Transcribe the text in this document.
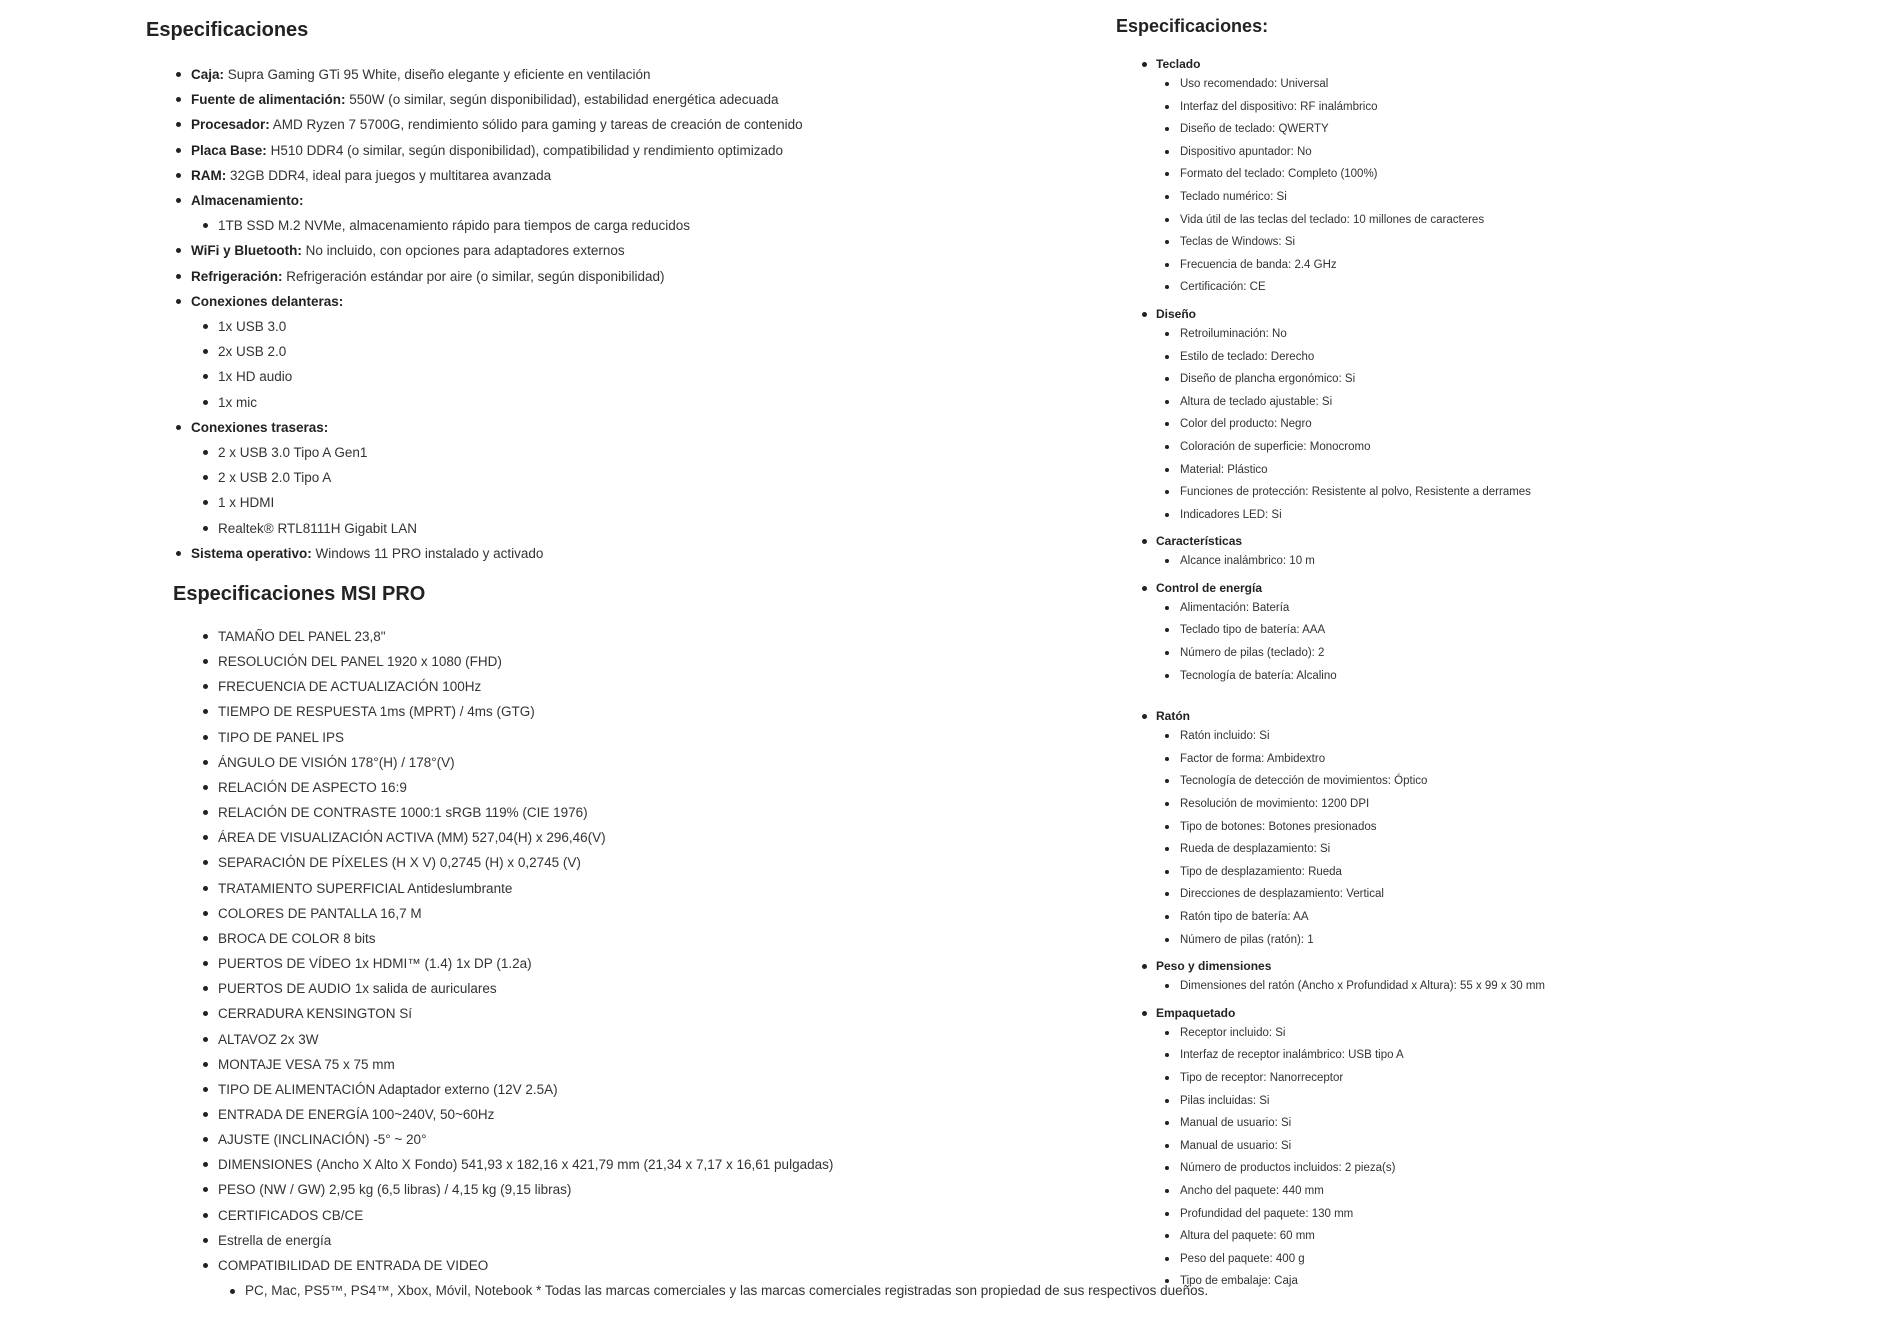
Especificaciones
Caja: Supra Gaming GTi 95 White, diseño elegante y eficiente en ventilación
Fuente de alimentación: 550W (o similar, según disponibilidad), estabilidad energética adecuada
Procesador: AMD Ryzen 7 5700G, rendimiento sólido para gaming y tareas de creación de contenido
Placa Base: H510 DDR4 (o similar, según disponibilidad), compatibilidad y rendimiento optimizado
RAM: 32GB DDR4, ideal para juegos y multitarea avanzada
Almacenamiento:
1TB SSD M.2 NVMe, almacenamiento rápido para tiempos de carga reducidos
WiFi y Bluetooth: No incluido, con opciones para adaptadores externos
Refrigeración: Refrigeración estándar por aire (o similar, según disponibilidad)
Conexiones delanteras:
1x USB 3.0
2x USB 2.0
1x HD audio
1x mic
Conexiones traseras:
2 x USB 3.0 Tipo A Gen1
2 x USB 2.0 Tipo A
1 x HDMI
Realtek® RTL8111H Gigabit LAN
Sistema operativo: Windows 11 PRO instalado y activado
Especificaciones MSI PRO
TAMAÑO DEL PANEL 23,8"
RESOLUCIÓN DEL PANEL 1920 x 1080 (FHD)
FRECUENCIA DE ACTUALIZACIÓN 100Hz
TIEMPO DE RESPUESTA 1ms (MPRT) / 4ms (GTG)
TIPO DE PANEL IPS
ÁNGULO DE VISIÓN 178°(H) / 178°(V)
RELACIÓN DE ASPECTO 16:9
RELACIÓN DE CONTRASTE 1000:1 sRGB 119% (CIE 1976)
ÁREA DE VISUALIZACIÓN ACTIVA (MM) 527,04(H) x 296,46(V)
SEPARACIÓN DE PÍXELES (H X V) 0,2745 (H) x 0,2745 (V)
TRATAMIENTO SUPERFICIAL Antideslumbrante
COLORES DE PANTALLA 16,7 M
BROCA DE COLOR 8 bits
PUERTOS DE VÍDEO 1x HDMI™ (1.4) 1x DP (1.2a)
PUERTOS DE AUDIO 1x salida de auriculares
CERRADURA KENSINGTON Sí
ALTAVOZ 2x 3W
MONTAJE VESA 75 x 75 mm
TIPO DE ALIMENTACIÓN Adaptador externo (12V 2.5A)
ENTRADA DE ENERGÍA 100~240V, 50~60Hz
AJUSTE (INCLINACIÓN) -5° ~ 20°
DIMENSIONES (Ancho X Alto X Fondo) 541,93 x 182,16 x 421,79 mm (21,34 x 7,17 x 16,61 pulgadas)
PESO (NW / GW) 2,95 kg (6,5 libras) / 4,15 kg (9,15 libras)
CERTIFICADOS CB/CE
Estrella de energía
COMPATIBILIDAD DE ENTRADA DE VIDEO
PC, Mac, PS5™, PS4™, Xbox, Móvil, Notebook * Todas las marcas comerciales y las marcas comerciales registradas son propiedad de sus respectivos dueños.
Especificaciones:
Teclado
Uso recomendado: Universal
Interfaz del dispositivo: RF inalámbrico
Diseño de teclado: QWERTY
Dispositivo apuntador: No
Formato del teclado: Completo (100%)
Teclado numérico: Si
Vida útil de las teclas del teclado: 10 millones de caracteres
Teclas de Windows: Si
Frecuencia de banda: 2.4 GHz
Certificación: CE
Diseño
Retroiluminación: No
Estilo de teclado: Derecho
Diseño de plancha ergonómico: Si
Altura de teclado ajustable: Si
Color del producto: Negro
Coloración de superficie: Monocromo
Material: Plástico
Funciones de protección: Resistente al polvo, Resistente a derrames
Indicadores LED: Si
Características
Alcance inalámbrico: 10 m
Control de energía
Alimentación: Batería
Teclado tipo de batería: AAA
Número de pilas (teclado): 2
Tecnología de batería: Alcalino
Ratón
Ratón incluido: Si
Factor de forma: Ambidextro
Tecnología de detección de movimientos: Óptico
Resolución de movimiento: 1200 DPI
Tipo de botones: Botones presionados
Rueda de desplazamiento: Si
Tipo de desplazamiento: Rueda
Direcciones de desplazamiento: Vertical
Ratón tipo de batería: AA
Número de pilas (ratón): 1
Peso y dimensiones
Dimensiones del ratón (Ancho x Profundidad x Altura): 55 x 99 x 30 mm
Empaquetado
Receptor incluido: Si
Interfaz de receptor inalámbrico: USB tipo A
Tipo de receptor: Nanorreceptor
Pilas incluidas: Si
Manual de usuario: Si
Manual de usuario: Si
Número de productos incluidos: 2 pieza(s)
Ancho del paquete: 440 mm
Profundidad del paquete: 130 mm
Altura del paquete: 60 mm
Peso del paquete: 400 g
Tipo de embalaje: Caja
